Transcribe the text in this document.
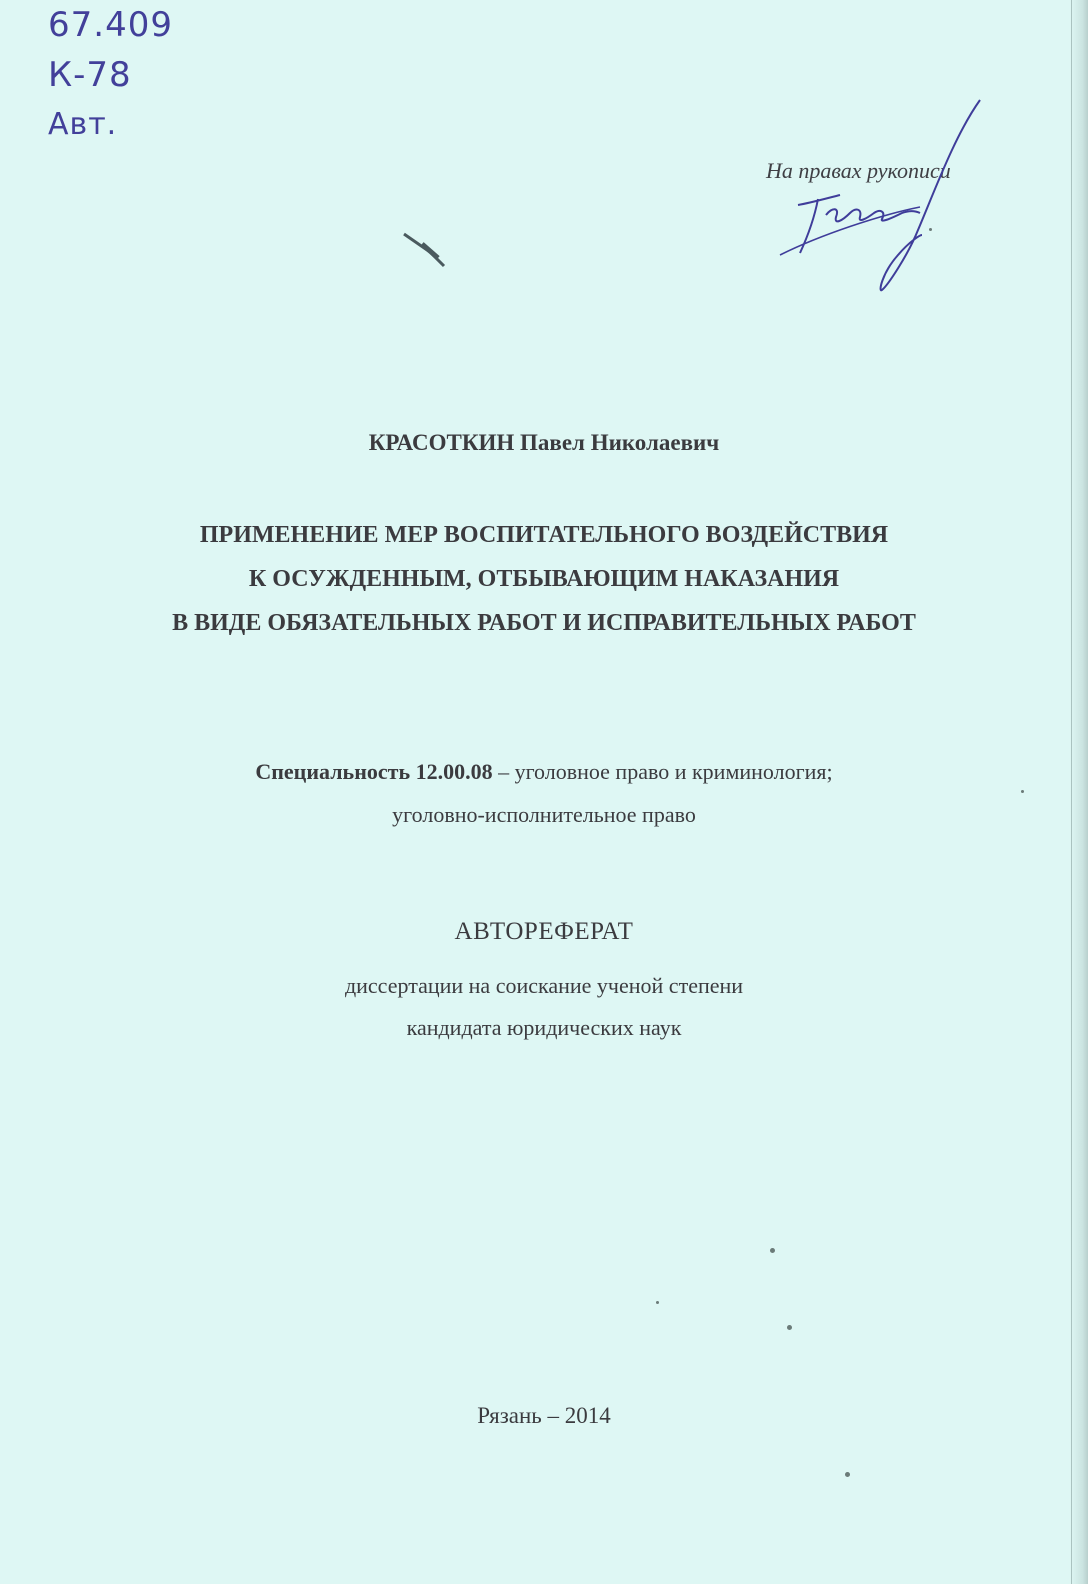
67.409
К-78
Авт.
На правах рукописи
КРАСОТКИН Павел Николаевич
ПРИМЕНЕНИЕ МЕР ВОСПИТАТЕЛЬНОГО ВОЗДЕЙСТВИЯ
К ОСУЖДЕННЫМ, ОТБЫВАЮЩИМ НАКАЗАНИЯ
В ВИДЕ ОБЯЗАТЕЛЬНЫХ РАБОТ И ИСПРАВИТЕЛЬНЫХ РАБОТ
Специальность 12.00.08 – уголовное право и криминология;
уголовно-исполнительное право
АВТОРЕФЕРАТ
диссертации на соискание ученой степени
кандидата юридических наук
Рязань – 2014
